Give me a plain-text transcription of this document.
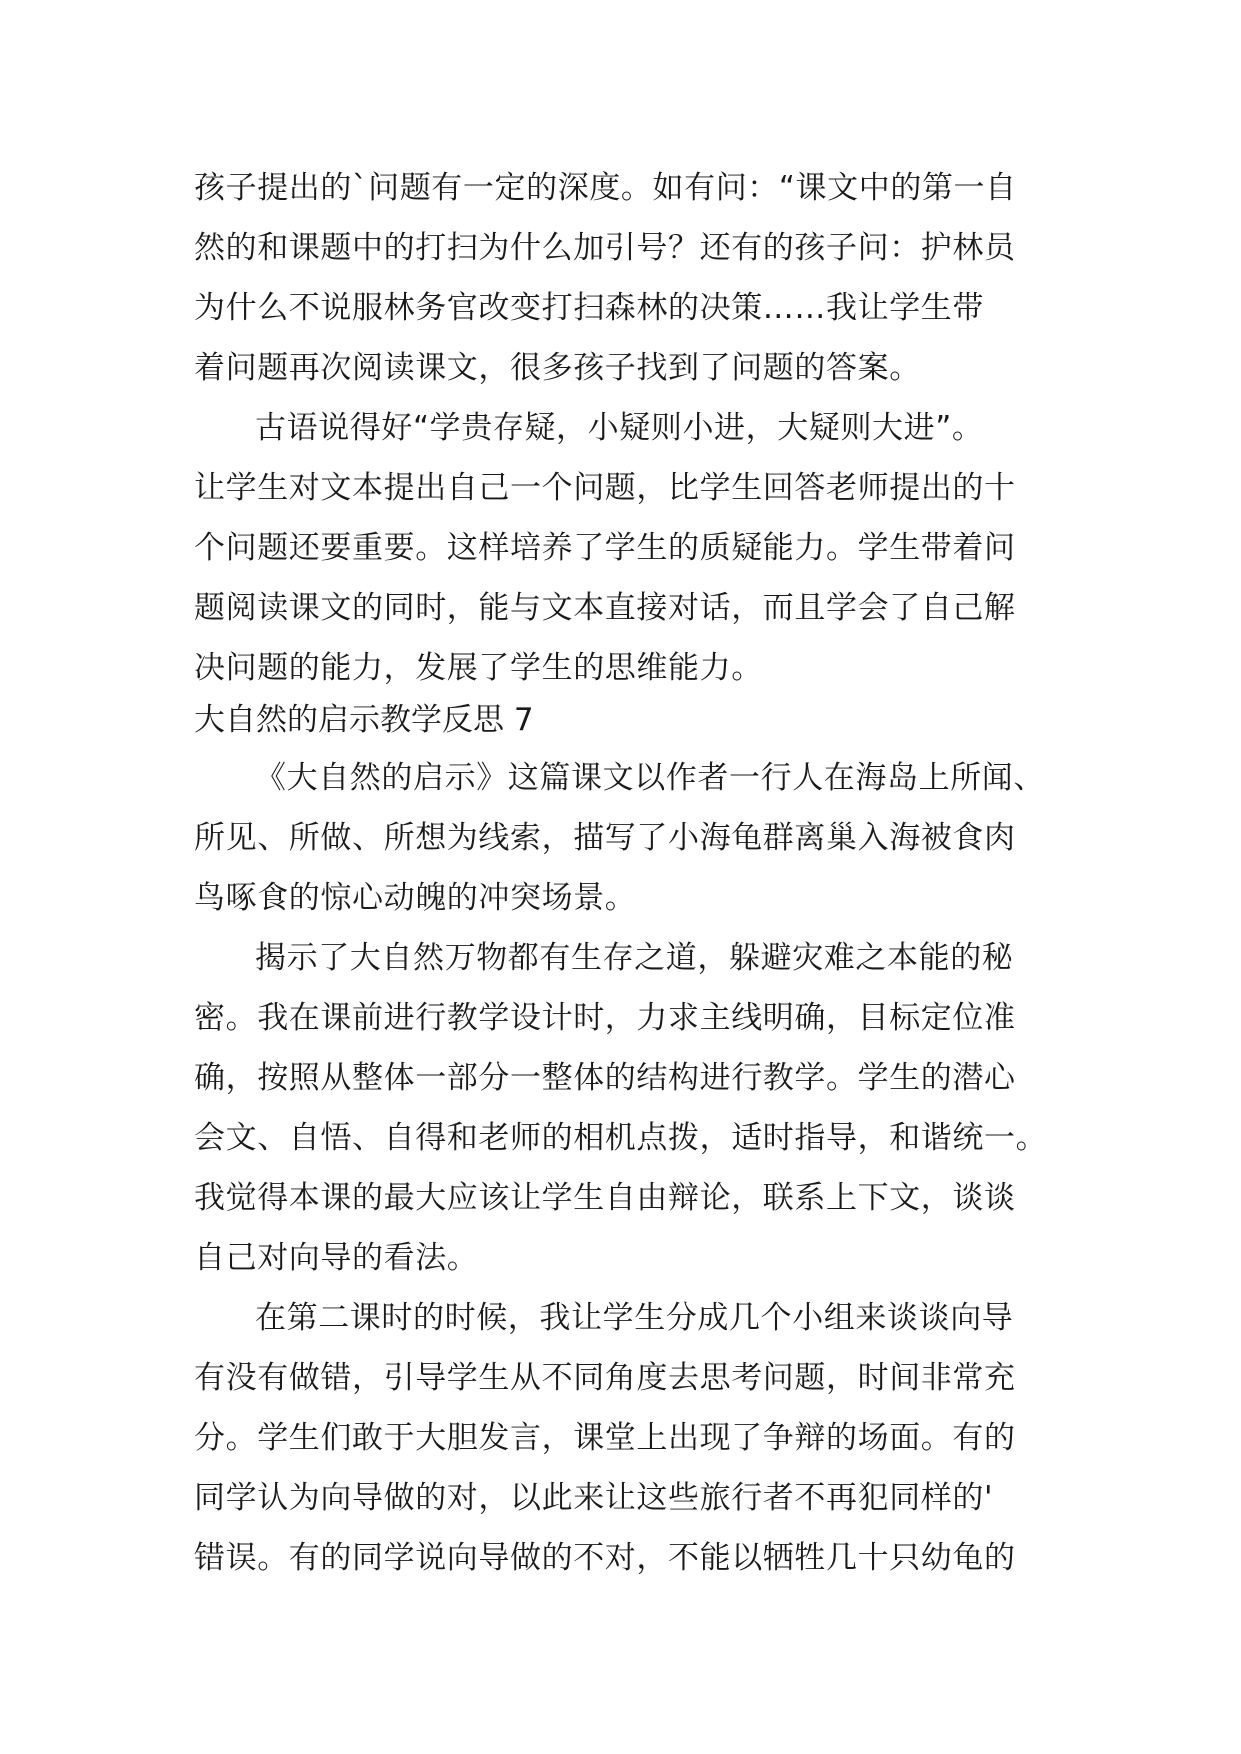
孩子提出的`问题有一定的深度。如有问：“课文中的第一自
然的和课题中的打扫为什么加引号？还有的孩子问：护林员
为什么不说服林务官改变打扫森林的决策……我让学生带
着问题再次阅读课文，很多孩子找到了问题的答案。
古语说得好“学贵存疑，小疑则小进，大疑则大进”。
让学生对文本提出自己一个问题，比学生回答老师提出的十
个问题还要重要。这样培养了学生的质疑能力。学生带着问
题阅读课文的同时，能与文本直接对话，而且学会了自己解
决问题的能力，发展了学生的思维能力。
大自然的启示教学反思 7
《大自然的启示》这篇课文以作者一行人在海岛上所闻、
所见、所做、所想为线索，描写了小海龟群离巢入海被食肉
鸟啄食的惊心动魄的冲突场景。
揭示了大自然万物都有生存之道，躲避灾难之本能的秘
密。我在课前进行教学设计时，力求主线明确，目标定位准
确，按照从整体一部分一整体的结构进行教学。学生的潜心
会文、自悟、自得和老师的相机点拨，适时指导，和谐统一。
我觉得本课的最大应该让学生自由辩论，联系上下文，谈谈
自己对向导的看法。
在第二课时的时候，我让学生分成几个小组来谈谈向导
有没有做错，引导学生从不同角度去思考问题，时间非常充
分。学生们敢于大胆发言，课堂上出现了争辩的场面。有的
同学认为向导做的对，以此来让这些旅行者不再犯同样的'
错误。有的同学说向导做的不对，不能以牺牲几十只幼龟的
